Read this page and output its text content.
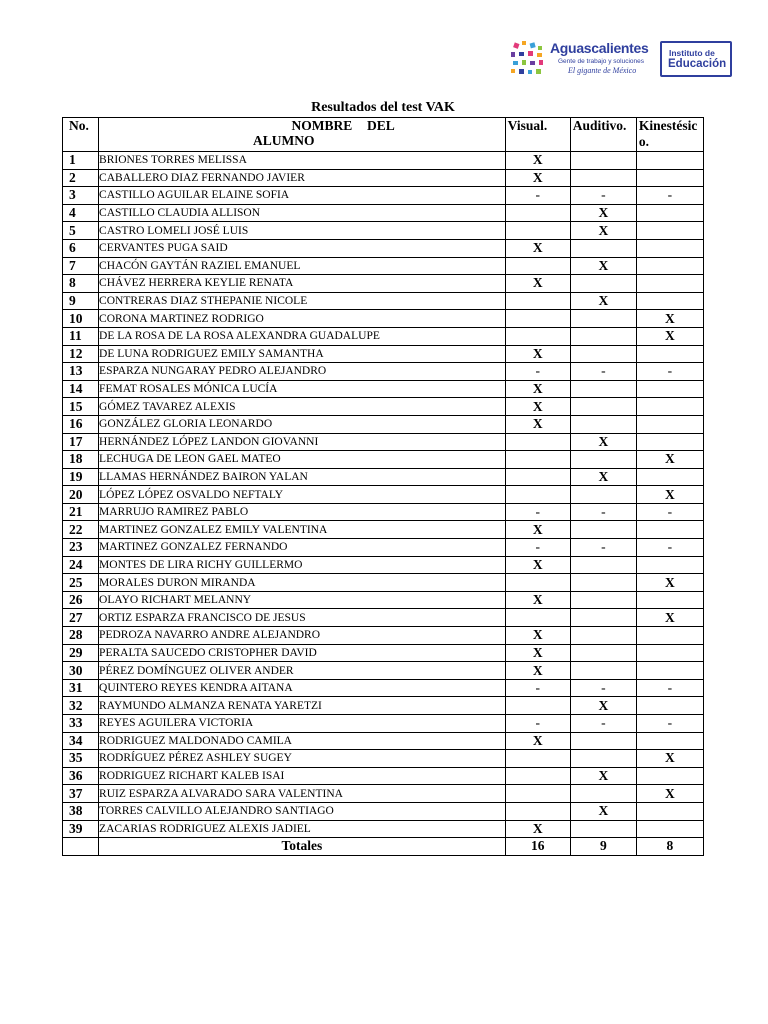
Aguascalientes
Gente de trabajo y soluciones
El gigante de México
Instituto de
Educación
Resultados del test VAK
No.	NOMBRE DEL
ALUMNO	Visual.	Auditivo.	Kinestésico.
1	BRIONES TORRES MELISSA	X		
2	CABALLERO DIAZ FERNANDO JAVIER	X		
3	CASTILLO AGUILAR ELAINE SOFIA	-	-	-
4	CASTILLO CLAUDIA ALLISON		X	
5	CASTRO LOMELI JOSÉ LUIS		X	
6	CERVANTES PUGA SAID	X		
7	CHACÓN GAYTÁN RAZIEL EMANUEL		X	
8	CHÁVEZ HERRERA KEYLIE RENATA	X		
9	CONTRERAS DIAZ STHEPANIE NICOLE		X	
10	CORONA MARTINEZ RODRIGO			X
11	DE LA ROSA DE LA ROSA ALEXANDRA GUADALUPE			X
12	DE LUNA RODRIGUEZ EMILY SAMANTHA	X		
13	ESPARZA NUNGARAY PEDRO ALEJANDRO	-	-	-
14	FEMAT ROSALES MÓNICA LUCÍA	X		
15	GÓMEZ TAVAREZ ALEXIS	X		
16	GONZÁLEZ GLORIA LEONARDO	X		
17	HERNÁNDEZ LÓPEZ LANDON GIOVANNI		X	
18	LECHUGA DE LEON GAEL MATEO			X
19	LLAMAS HERNÁNDEZ BAIRON YALAN		X	
20	LÓPEZ LÓPEZ OSVALDO NEFTALY			X
21	MARRUJO RAMIREZ PABLO	-	-	-
22	MARTINEZ GONZALEZ EMILY VALENTINA	X		
23	MARTINEZ GONZALEZ FERNANDO	-	-	-
24	MONTES DE LIRA RICHY GUILLERMO	X		
25	MORALES DURON MIRANDA			X
26	OLAYO RICHART MELANNY	X		
27	ORTIZ ESPARZA FRANCISCO DE JESUS			X
28	PEDROZA NAVARRO ANDRE ALEJANDRO	X		
29	PERALTA SAUCEDO CRISTOPHER DAVID	X		
30	PÉREZ DOMÍNGUEZ OLIVER ANDER	X		
31	QUINTERO REYES KENDRA AITANA	-	-	-
32	RAYMUNDO ALMANZA RENATA YARETZI		X	
33	REYES AGUILERA VICTORIA	-	-	-
34	RODRIGUEZ MALDONADO CAMILA	X		
35	RODRÍGUEZ PÉREZ ASHLEY SUGEY			X
36	RODRIGUEZ RICHART KALEB ISAI		X	
37	RUIZ ESPARZA ALVARADO SARA VALENTINA			X
38	TORRES CALVILLO ALEJANDRO SANTIAGO		X	
39	ZACARIAS RODRIGUEZ ALEXIS JADIEL	X		
	Totales	16	9	8
